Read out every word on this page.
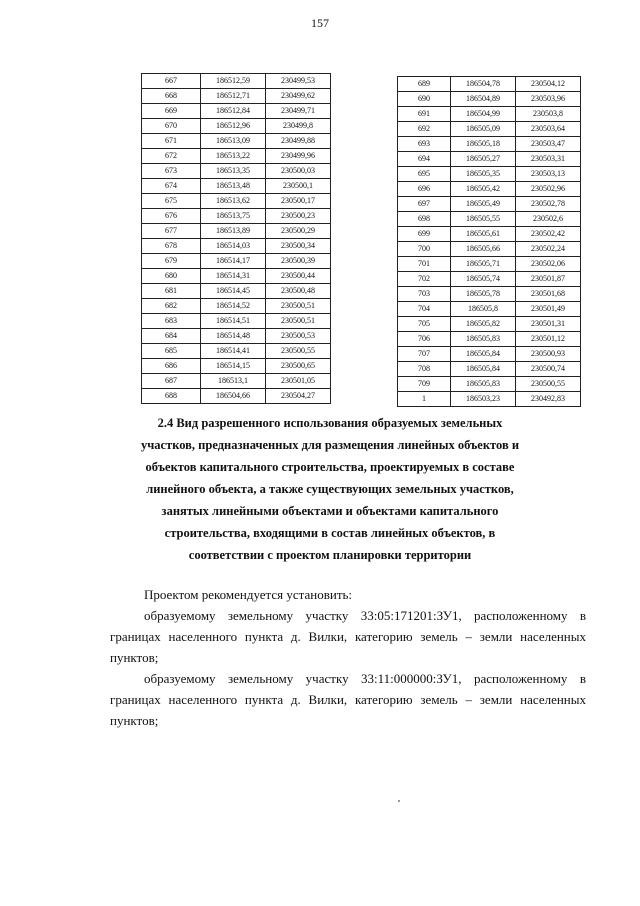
157
667	186512,59	230499,53
668	186512,71	230499,62
669	186512,84	230499,71
670	186512,96	230499,8
671	186513,09	230499,88
672	186513,22	230499,96
673	186513,35	230500,03
674	186513,48	230500,1
675	186513,62	230500,17
676	186513,75	230500,23
677	186513,89	230500,29
678	186514,03	230500,34
679	186514,17	230500,39
680	186514,31	230500,44
681	186514,45	230500,48
682	186514,52	230500,51
683	186514,51	230500,51
684	186514,48	230500,53
685	186514,41	230500,55
686	186514,15	230500,65
687	186513,1	230501,05
688	186504,66	230504,27
689	186504,78	230504,12
690	186504,89	230503,96
691	186504,99	230503,8
692	186505,09	230503,64
693	186505,18	230503,47
694	186505,27	230503,31
695	186505,35	230503,13
696	186505,42	230502,96
697	186505,49	230502,78
698	186505,55	230502,6
699	186505,61	230502,42
700	186505,66	230502,24
701	186505,71	230502,06
702	186505,74	230501,87
703	186505,78	230501,68
704	186505,8	230501,49
705	186505,82	230501,31
706	186505,83	230501,12
707	186505,84	230500,93
708	186505,84	230500,74
709	186505,83	230500,55
1	186503,23	230492,83
2.4 Вид разрешенного использования образуемых земельных
участков, предназначенных для размещения линейных объектов и
объектов капитального строительства, проектируемых в составе
линейного объекта, а также существующих земельных участков,
занятых линейными объектами и объектами капитального
строительства, входящими в состав линейных объектов, в
соответствии с проектом планировки территории

Проектом рекомендуется установить:

образуемому земельному участку 33:05:171201:ЗУ1, расположенному в границах населенного пункта д. Вилки, категорию земель – земли населенных пунктов;

образуемому земельному участку 33:11:000000:ЗУ1, расположенному в границах населенного пункта д. Вилки, категорию земель – земли населенных пунктов;
